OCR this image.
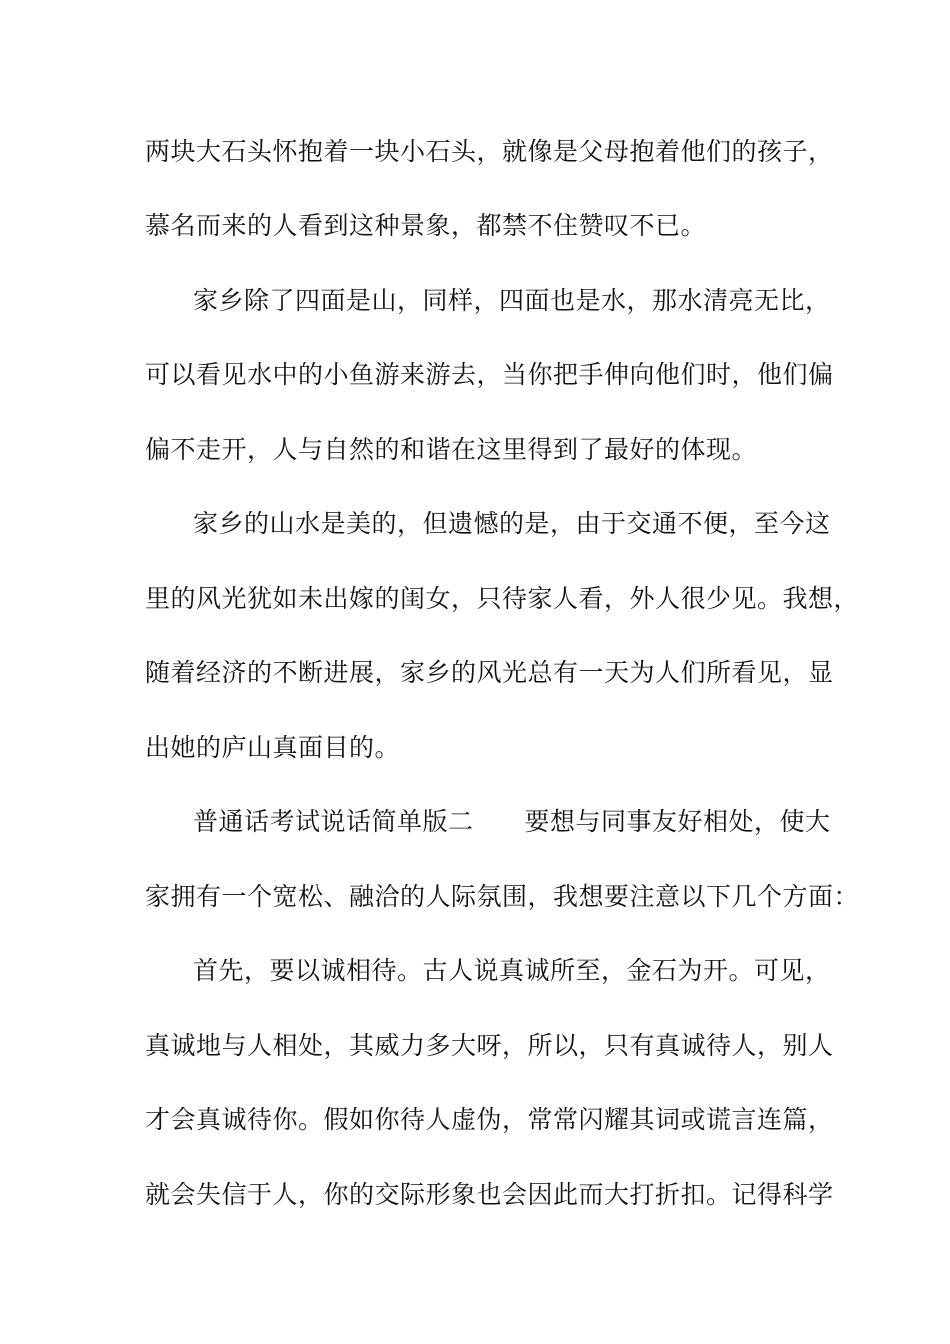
两块大石头怀抱着一块小石头，就像是父母抱着他们的孩子，
慕名而来的人看到这种景象，都禁不住赞叹不已。
家乡除了四面是山，同样，四面也是水，那水清亮无比，
可以看见水中的小鱼游来游去，当你把手伸向他们时，他们偏
偏不走开，人与自然的和谐在这里得到了最好的体现。
家乡的山水是美的，但遗憾的是，由于交通不便，至今这
里的风光犹如未出嫁的闺女，只待家人看，外人很少见。我想，
随着经济的不断进展，家乡的风光总有一天为人们所看见，显
出她的庐山真面目的。
普通话考试说话简单版二　　要想与同事友好相处，使大
家拥有一个宽松、融洽的人际氛围，我想要注意以下几个方面：
首先，要以诚相待。古人说真诚所至，金石为开。可见，
真诚地与人相处，其威力多大呀，所以，只有真诚待人，别人
才会真诚待你。假如你待人虚伪，常常闪耀其词或谎言连篇，
就会失信于人，你的交际形象也会因此而大打折扣。记得科学
